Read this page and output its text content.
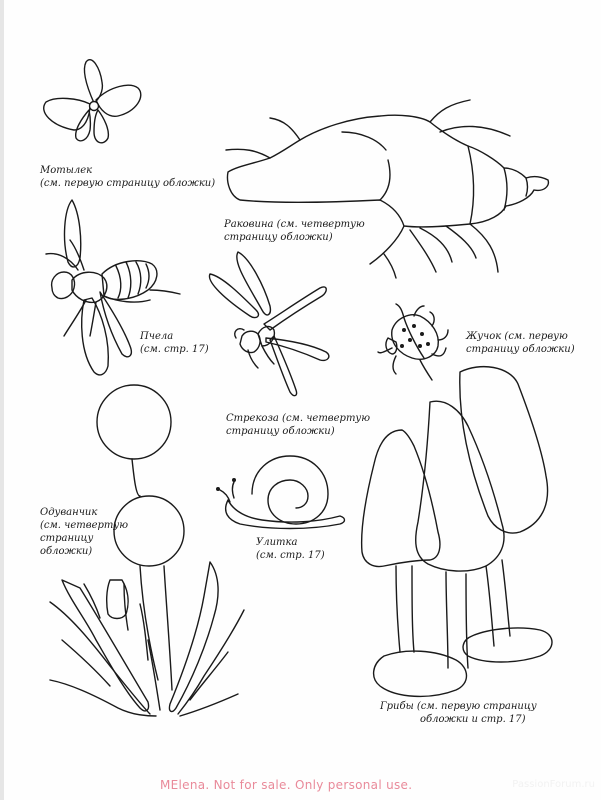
Мотылек
(см. первую страницу обложки)
Раковина (см. четвертую
страницу обложки)
Пчела
(см. стр. 17)
Жучок (см. первую
страницу обложки)
Стрекоза (см. четвертую
страницу обложки)
Одуванчик
(см. четвертую
страницу
обложки)
Улитка
(см. стр. 17)
Грибы (см. первую страницу
обложки и стр. 17)
MElena. Not for sale. Only personal use.	PassionForum.ru
